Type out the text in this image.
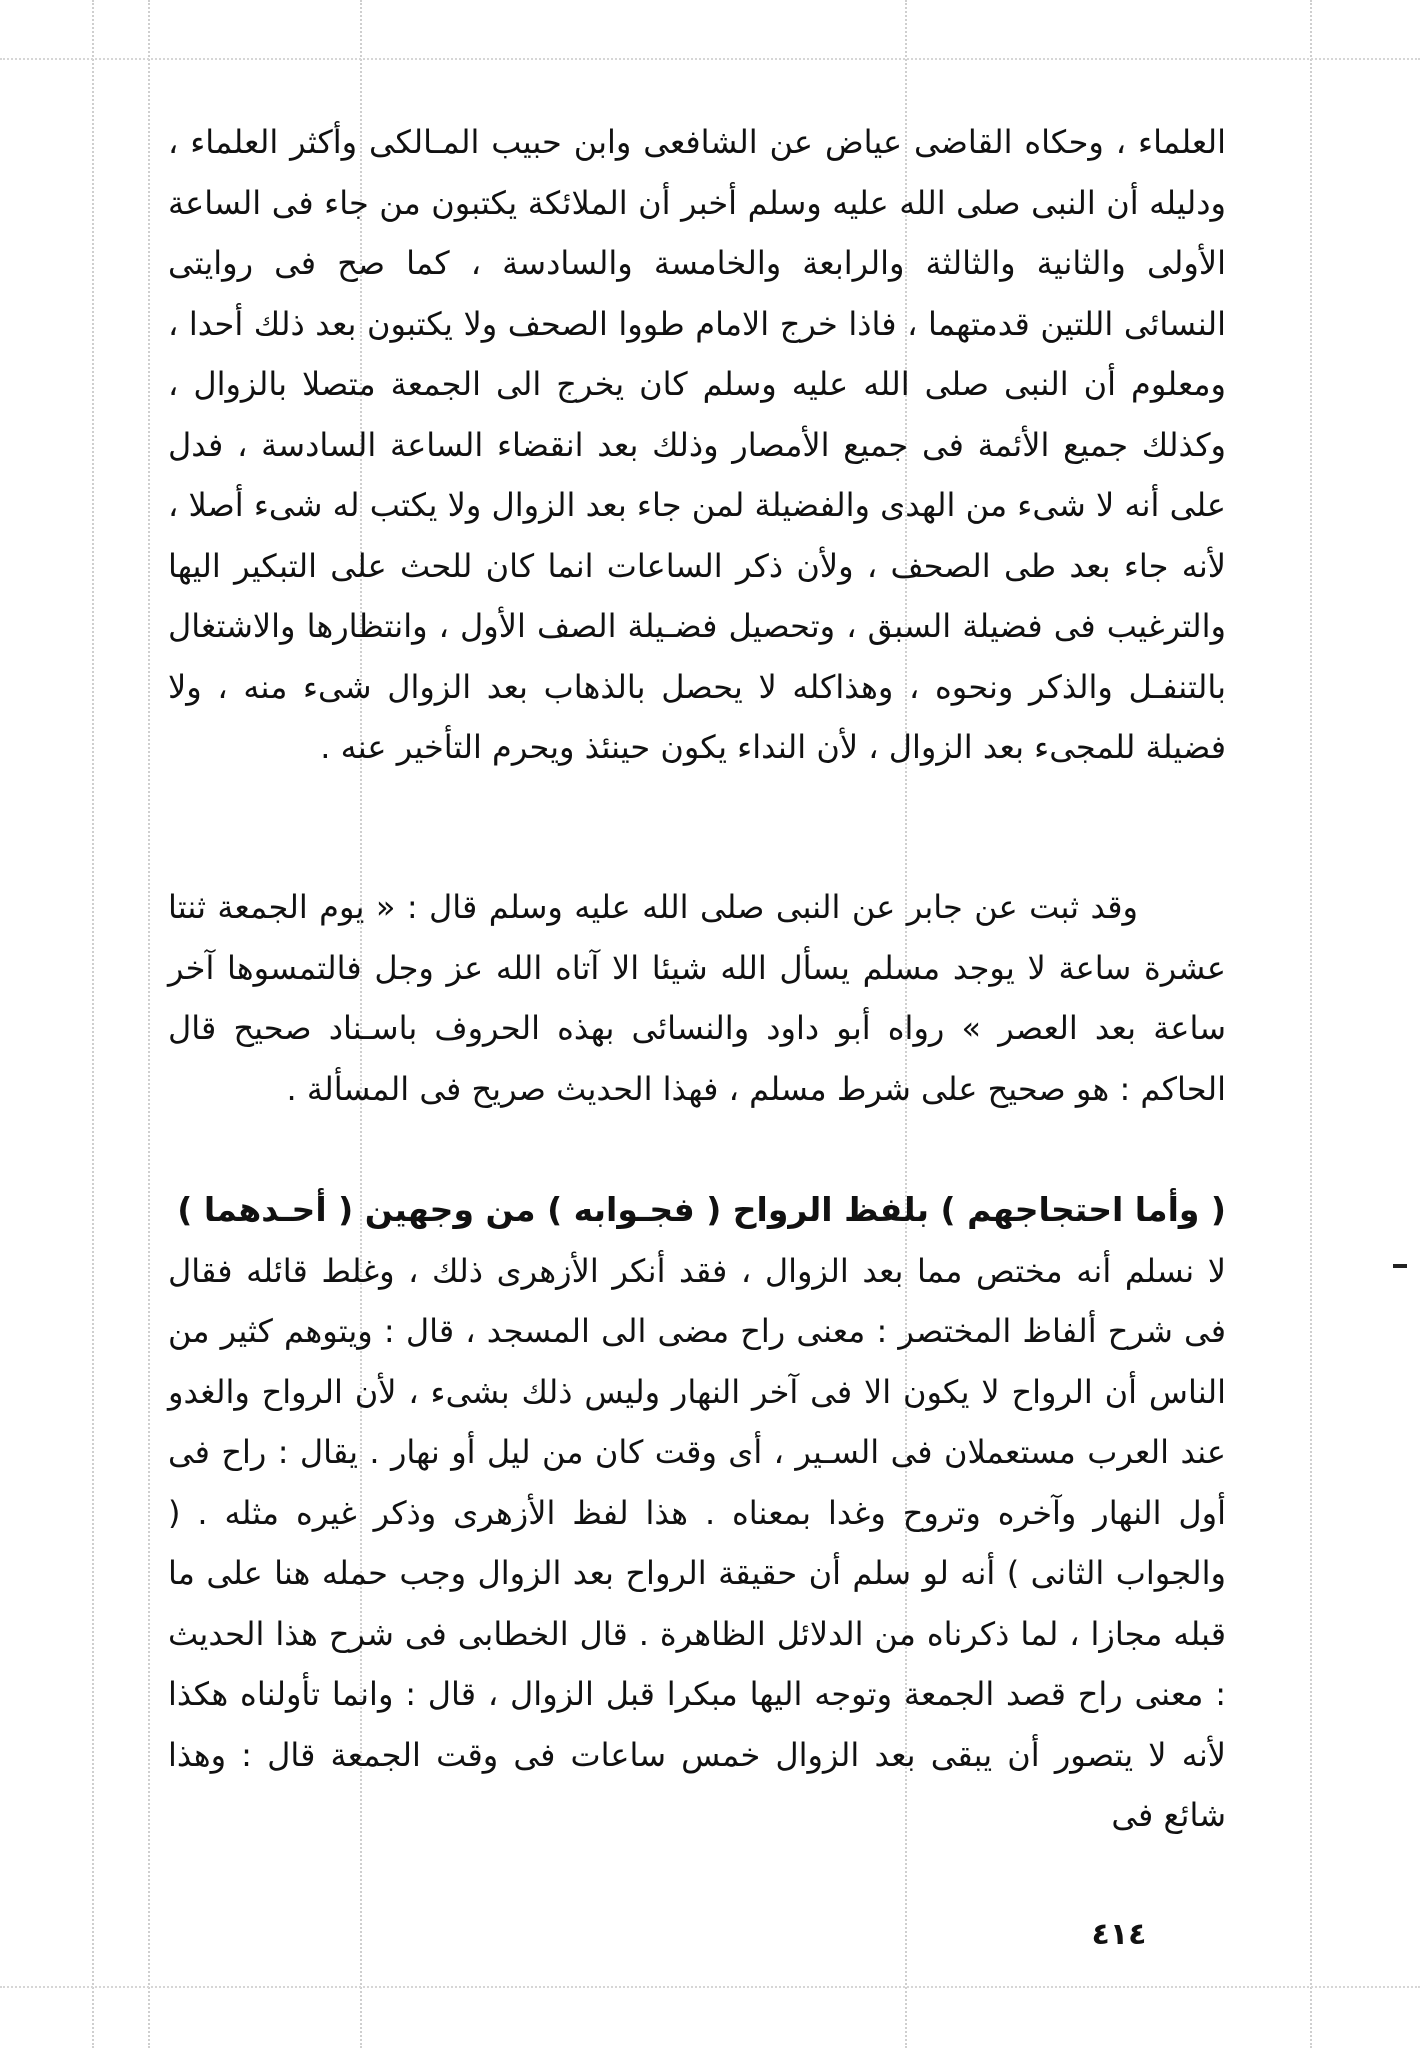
العلماء ، وحكاه القاضى عياض عن الشافعى وابن حبيب المـالكى وأكثر العلماء ، ودليله أن النبى صلى الله عليه وسلم أخبر أن الملائكة يكتبون من جاء فى الساعة الأولى والثانية والثالثة والرابعة والخامسة والسادسة ، كما صح فى روايتى النسائى اللتين قدمتهما ، فاذا خرج الامام طووا الصحف ولا يكتبون بعد ذلك أحدا ، ومعلوم أن النبى صلى الله عليه وسلم كان يخرج الى الجمعة متصلا بالزوال ، وكذلك جميع الأئمة فى جميع الأمصار وذلك بعد انقضاء الساعة السادسة ، فدل على أنه لا شىء من الهدى والفضيلة لمن جاء بعد الزوال ولا يكتب له شىء أصلا ، لأنه جاء بعد طى الصحف ، ولأن ذكر الساعات انما كان للحث على التبكير اليها والترغيب فى فضيلة السبق ، وتحصيل فضـيلة الصف الأول ، وانتظارها والاشتغال بالتنفـل والذكر ونحوه ، وهذاكله لا يحصل بالذهاب بعد الزوال شىء منه ، ولا فضيلة للمجىء بعد الزوال ، لأن النداء يكون حينئذ ويحرم التأخير عنه .

وقد ثبت عن جابر عن النبى صلى الله عليه وسلم قال : « يوم الجمعة ثنتا عشرة ساعة لا يوجد مسلم يسأل الله شيئا الا آتاه الله عز وجل فالتمسوها آخر ساعة بعد العصر » رواه أبو داود والنسائى بهذه الحروف باسـناد صحيح قال الحاكم : هو صحيح على شرط مسلم ، فهذا الحديث صريح فى المسألة .

( وأما احتجاجهم ) بلفظ الرواح ( فجـوابه ) من وجهين ( أحـدهما )

لا نسلم أنه مختص مما بعد الزوال ، فقد أنكر الأزهرى ذلك ، وغلط قائله فقال فى شرح ألفاظ المختصر : معنى راح مضى الى المسجد ، قال : ويتوهم كثير من الناس أن الرواح لا يكون الا فى آخر النهار وليس ذلك بشىء ، لأن الرواح والغدو عند العرب مستعملان فى السـير ، أى وقت كان من ليل أو نهار . يقال : راح فى أول النهار وآخره وتروح وغدا بمعناه . هذا لفظ الأزهرى وذكر غيره مثله . ( والجواب الثانى ) أنه لو سلم أن حقيقة الرواح بعد الزوال وجب حمله هنا على ما قبله مجازا ، لما ذكرناه من الدلائل الظاهرة . قال الخطابى فى شرح هذا الحديث : معنى راح قصد الجمعة وتوجه اليها مبكرا قبل الزوال ، قال : وانما تأولناه هكذا لأنه لا يتصور أن يبقى بعد الزوال خمس ساعات فى وقت الجمعة قال : وهذا شائع فى

٤١٤
